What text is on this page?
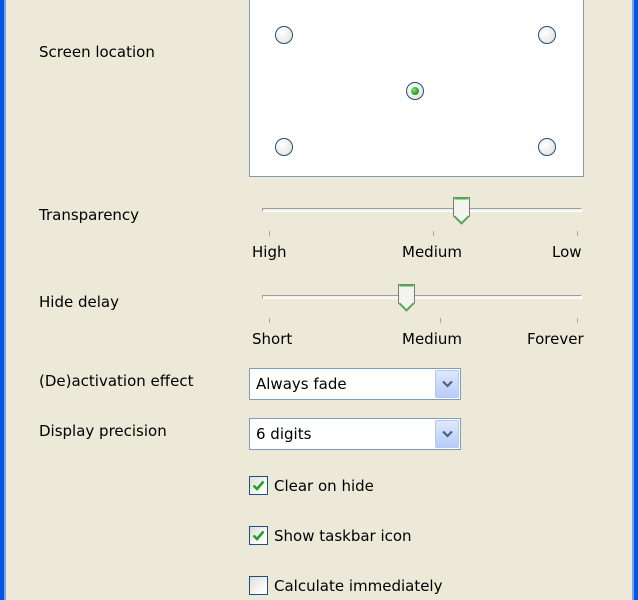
Screen location
Transparency
High	Medium	Low
Hide delay
Short	Medium	Forever
(De)activation effect	Always fade
Display precision	6 digits
Clear on hide
Show taskbar icon
Calculate immediately
